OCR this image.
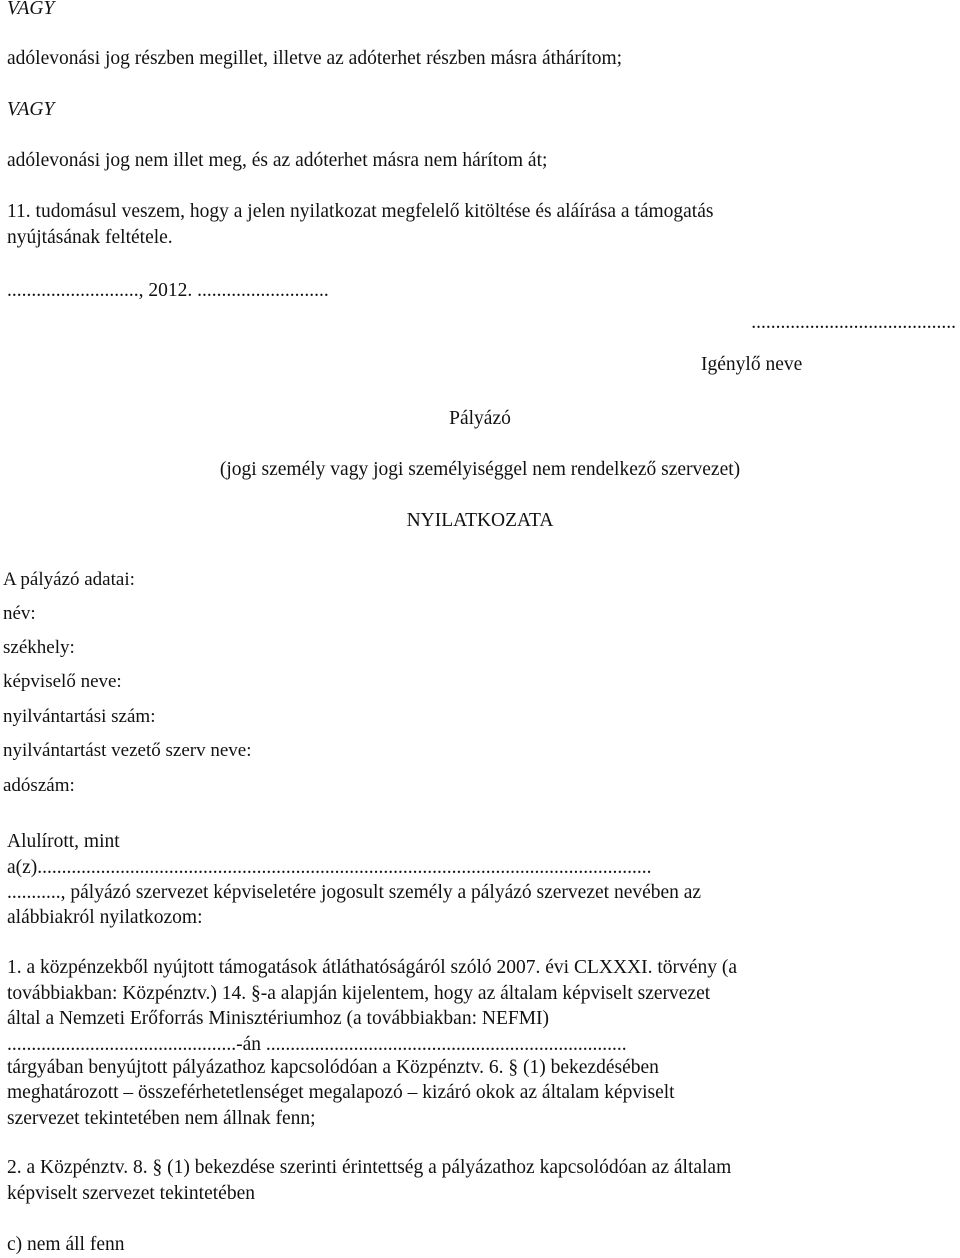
VAGY
adólevonási jog részben megillet, illetve az adóterhet részben másra áthárítom;
VAGY
adólevonási jog nem illet meg, és az adóterhet másra nem hárítom át;
11. tudomásul veszem, hogy a jelen nyilatkozat megfelelő kitöltése és aláírása a támogatás
nyújtásának feltétele.
..........................., 2012. ...........................
..........................................
Igénylő neve
Pályázó
(jogi személy vagy jogi személyiséggel nem rendelkező szervezet)
NYILATKOZATA
A pályázó adatai:
név:
székhely:
képviselő neve:
nyilvántartási szám:
nyilvántartást vezető szerv neve:
adószám:
Alulírott, mint
a(z)..............................................................................................................................
..........., pályázó szervezet képviseletére jogosult személy a pályázó szervezet nevében az
alábbiakról nyilatkozom:
1. a közpénzekből nyújtott támogatások átláthatóságáról szóló 2007. évi CLXXXI. törvény (a
továbbiakban: Közpénztv.) 14. §-a alapján kijelentem, hogy az általam képviselt szervezet
által a Nemzeti Erőforrás Minisztériumhoz (a továbbiakban: NEFMI)
...............................................-án ..........................................................................
tárgyában benyújtott pályázathoz kapcsolódóan a Közpénztv. 6. § (1) bekezdésében
meghatározott – összeférhetetlenséget megalapozó – kizáró okok az általam képviselt
szervezet tekintetében nem állnak fenn;
2. a Közpénztv. 8. § (1) bekezdése szerinti érintettség a pályázathoz kapcsolódóan az általam
képviselt szervezet tekintetében
c) nem áll fenn
